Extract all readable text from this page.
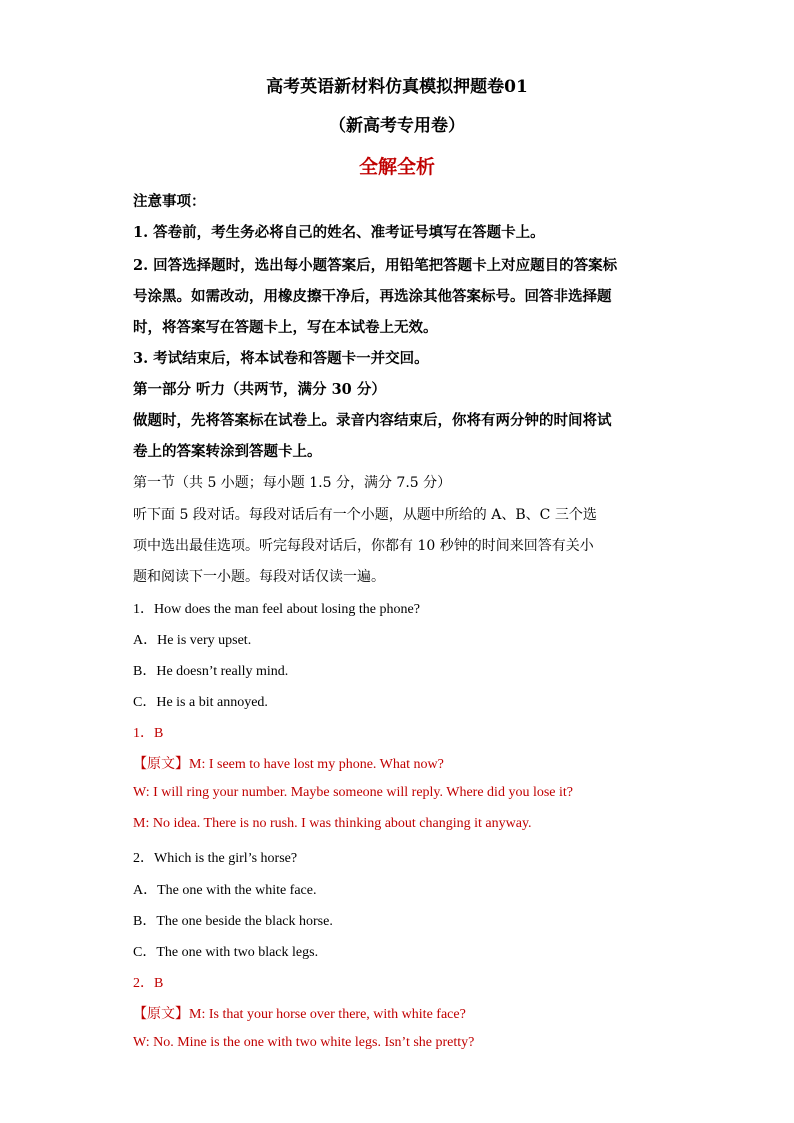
高考英语新材料仿真模拟押题卷01
（新高考专用卷）
全解全析
注意事项：
1. 答卷前，考生务必将自己的姓名、准考证号填写在答题卡上。
2. 回答选择题时，选出每小题答案后，用铅笔把答题卡上对应题目的答案标
号涂黑。如需改动，用橡皮擦干净后，再选涂其他答案标号。回答非选择题
时，将答案写在答题卡上，写在本试卷上无效。
3. 考试结束后，将本试卷和答题卡一并交回。
第一部分 听力（共两节，满分 30 分）
做题时，先将答案标在试卷上。录音内容结束后，你将有两分钟的时间将试
卷上的答案转涂到答题卡上。
第一节（共 5 小题；每小题 1.5 分，满分 7.5 分）
听下面 5 段对话。每段对话后有一个小题，从题中所给的 A、B、C 三个选
项中选出最佳选项。听完每段对话后，你都有 10 秒钟的时间来回答有关小
题和阅读下一小题。每段对话仅读一遍。
1．How does the man feel about losing the phone?
A．He is very upset.
B．He doesn’t really mind.
C．He is a bit annoyed.
1．B
【原文】M: I seem to have lost my phone. What now?
W: I will ring your number. Maybe someone will reply. Where did you lose it?
M: No idea. There is no rush. I was thinking about changing it anyway.
2．Which is the girl’s horse?
A．The one with the white face.
B．The one beside the black horse.
C．The one with two black legs.
2．B
【原文】M: Is that your horse over there, with white face?
W: No. Mine is the one with two white legs. Isn’t she pretty?
